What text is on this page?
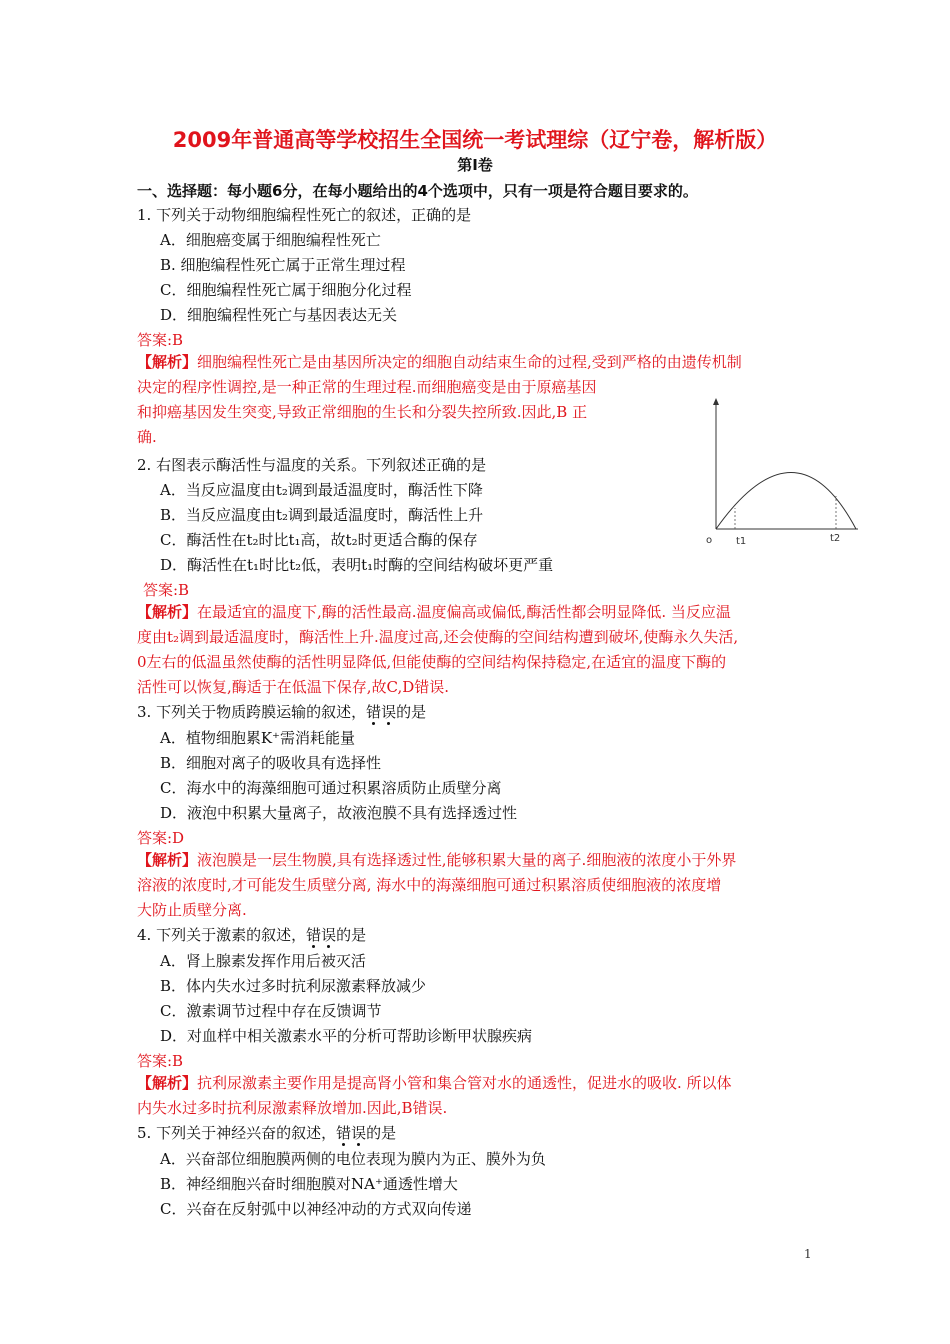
2009年普通高等学校招生全国统一考试理综（辽宁卷，解析版）
第I卷
一、选择题：每小题6分，在每小题给出的4个选项中，只有一项是符合题目要求的。
1. 下列关于动物细胞编程性死亡的叙述，正确的是
A．细胞癌变属于细胞编程性死亡
B. 细胞编程性死亡属于正常生理过程
C．细胞编程性死亡属于细胞分化过程
D．细胞编程性死亡与基因表达无关
答案:B
【解析】细胞编程性死亡是由基因所决定的细胞自动结束生命的过程,受到严格的由遗传机制
决定的程序性调控,是一种正常的生理过程.而细胞癌变是由于原癌基因
和抑癌基因发生突变,导致正常细胞的生长和分裂失控所致.因此,B 正
确.
o t1	t2
2. 右图表示酶活性与温度的关系。下列叙述正确的是
A．当反应温度由t₂调到最适温度时，酶活性下降
B．当反应温度由t₂调到最适温度时，酶活性上升
C．酶活性在t₂时比t₁高，故t₂时更适合酶的保存
D．酶活性在t₁时比t₂低，表明t₁时酶的空间结构破坏更严重
答案:B
【解析】在最适宜的温度下,酶的活性最高.温度偏高或偏低,酶活性都会明显降低. 当反应温
度由t₂调到最适温度时，酶活性上升.温度过高,还会使酶的空间结构遭到破坏,使酶永久失活,
0左右的低温虽然使酶的活性明显降低,但能使酶的空间结构保持稳定,在适宜的温度下酶的
活性可以恢复,酶适于在低温下保存,故C,D错误.
3. 下列关于物质跨膜运输的叙述，错误的是
A．植物细胞累K⁺需消耗能量
B．细胞对离子的吸收具有选择性
C．海水中的海藻细胞可通过积累溶质防止质壁分离
D．液泡中积累大量离子，故液泡膜不具有选择透过性
答案:D
【解析】液泡膜是一层生物膜,具有选择透过性,能够积累大量的离子.细胞液的浓度小于外界
溶液的浓度时,才可能发生质壁分离, 海水中的海藻细胞可通过积累溶质使细胞液的浓度增
大防止质壁分离.
4. 下列关于激素的叙述，错误的是
A．肾上腺素发挥作用后被灭活
B．体内失水过多时抗利尿激素释放减少
C．激素调节过程中存在反馈调节
D．对血样中相关激素水平的分析可帮助诊断甲状腺疾病
答案:B
【解析】抗利尿激素主要作用是提高肾小管和集合管对水的通透性，促进水的吸收. 所以体
内失水过多时抗利尿激素释放增加.因此,B错误.
5. 下列关于神经兴奋的叙述，错误的是
A．兴奋部位细胞膜两侧的电位表现为膜内为正、膜外为负
B．神经细胞兴奋时细胞膜对NA⁺通透性增大
C．兴奋在反射弧中以神经冲动的方式双向传递
1
